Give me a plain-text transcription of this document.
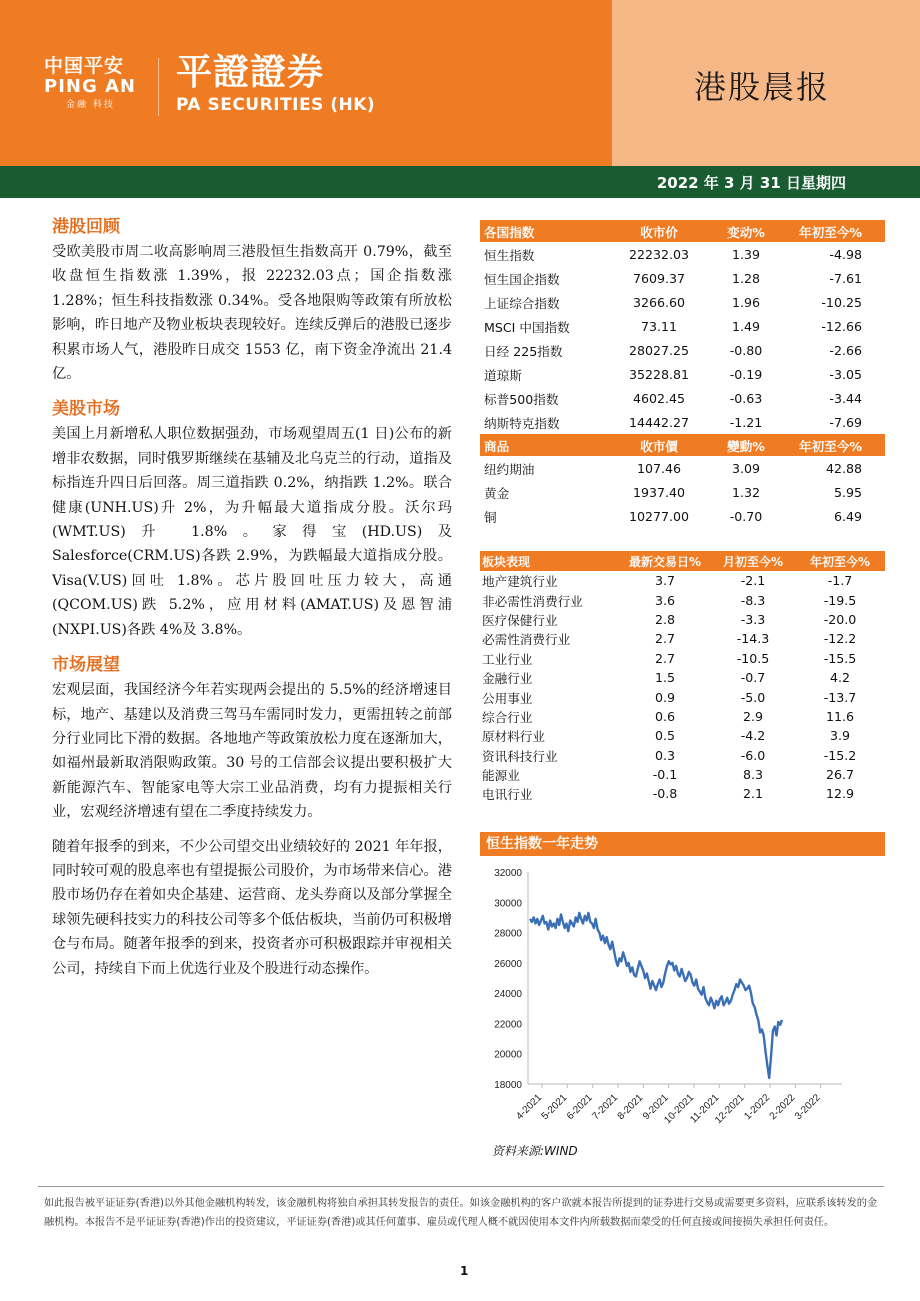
中国平安
PING AN
金融 科技
平證證券
PA SECURITIES (HK)	港股晨报
2022 年 3 月 31 日星期四
港股回顾

受欧美股市周二收高影响周三港股恒生指数高开 0.79%，截至收盘恒生指数涨 1.39%，报 22232.03点；国企指数涨 1.28%；恒生科技指数涨 0.34%。受各地限购等政策有所放松影响，昨日地产及物业板块表现较好。连续反弹后的港股已逐步积累市场人气，港股昨日成交 1553 亿，南下资金净流出 21.4 亿。

美股市场

美国上月新增私人职位数据强劲，市场观望周五(1 日)公布的新增非农数据，同时俄罗斯继续在基辅及北乌克兰的行动，道指及标指连升四日后回落。周三道指跌 0.2%，纳指跌 1.2%。联合健康(UNH.US)升 2%，为升幅最大道指成分股。沃尔玛(WMT.US)升 1.8%。家得宝(HD.US)及 Salesforce(CRM.US)各跌 2.9%，为跌幅最大道指成分股。Visa(V.US)回吐 1.8%。芯片股回吐压力较大，高通(QCOM.US)跌 5.2%，应用材料(AMAT.US)及恩智浦(NXPI.US)各跌 4%及 3.8%。

市场展望

宏观层面，我国经济今年若实现两会提出的 5.5%的经济增速目标，地产、基建以及消费三驾马车需同时发力，更需扭转之前部分行业同比下滑的数据。各地地产等政策放松力度在逐渐加大，如福州最新取消限购政策。30 号的工信部会议提出要积极扩大新能源汽车、智能家电等大宗工业品消费，均有力提振相关行业，宏观经济增速有望在二季度持续发力。

随着年报季的到来，不少公司望交出业绩较好的 2021 年年报，同时较可观的股息率也有望提振公司股价，为市场带来信心。港股市场仍存在着如央企基建、运营商、龙头券商以及部分掌握全球领先硬科技实力的科技公司等多个低估板块，当前仍可积极增仓与布局。随著年报季的到来，投资者亦可积极跟踪并审视相关公司，持续自下而上优选行业及个股进行动态操作。

各国指数	收市价	变动%	年初至今%
恒生指数	22232.03	1.39	-4.98
恒生国企指数	7609.37	1.28	-7.61
上证综合指数	3266.60	1.96	-10.25
MSCI 中国指数	73.11	1.49	-12.66
日经 225指数	28027.25	-0.80	-2.66
道琼斯	35228.81	-0.19	-3.05
标普500指数	4602.45	-0.63	-3.44
纳斯特克指数	14442.27	-1.21	-7.69
商品	收市價	變動%	年初至今%
纽约期油	107.46	3.09	42.88
黄金	1937.40	1.32	5.95
铜	10277.00	-0.70	6.49
板块表现	最新交易日%	月初至今%	年初至今%
地产建筑行业	3.7	-2.1	-1.7
非必需性消费行业	3.6	-8.3	-19.5
医疗保健行业	2.8	-3.3	-20.0
必需性消费行业	2.7	-14.3	-12.2
工业行业	2.7	-10.5	-15.5
金融行业	1.5	-0.7	4.2
公用事业	0.9	-5.0	-13.7
综合行业	0.6	2.9	11.6
原材料行业	0.5	-4.2	3.9
资讯科技行业	0.3	-6.0	-15.2
能源业	-0.1	8.3	26.7
电讯行业	-0.8	2.1	12.9
恒生指数一年走势
18000
20000
22000
24000
26000
28000
30000
32000
4-2021
5-2021
6-2021
7-2021
8-2021
9-2021
10-2021
11-2021
12-2021
1-2022
2-2022
3-2022
资料来源:WIND
如此报告被平证证券(香港)以外其他金融机构转发，该金融机构将独自承担其转发报告的责任。如该金融机构的客户欲就本报告所提到的证券进行交易或需要更多资料，应联系该转发的金融机构。本报告不是平证证券(香港)作出的投资建议，平证证券(香港)或其任何董事、雇员或代理人概不就因使用本文件内所载数据而蒙受的任何直接或间接损失承担任何责任。
1
